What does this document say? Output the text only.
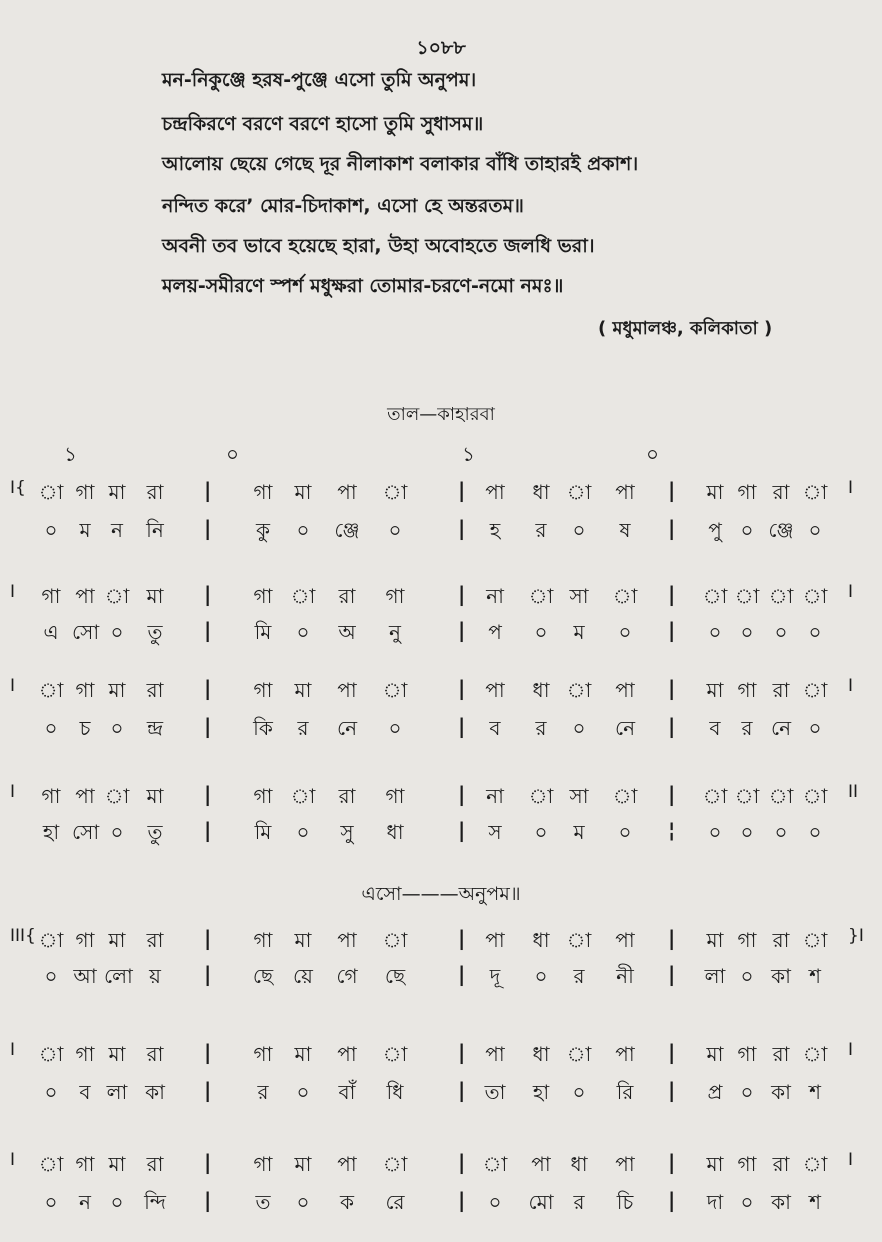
১০৮৮
মন-নিকুঞ্জে হরষ-পুঞ্জে এসো তুমি অনুপম।
চন্দ্রকিরণে বরণে বরণে হাসো তুমি সুধাসম॥
আলোয় ছেয়ে গেছে দূর নীলাকাশ বলাকার বাঁধি তাহারই প্রকাশ।
নন্দিত করে’ মোর-চিদাকাশ, এসো হে অন্তরতম॥
অবনী তব ভাবে হয়েছে হারা, উহা অবোহতে জলধি ভরা।
মলয়-সমীরণে স্পর্শ মধুক্ষরা তোমার-চরণে-নমো নমঃ॥
( মধুমালঞ্চ, কলিকাতা )
তাল—কাহারবা
১	০	১	০
এসো———অনুপম॥
I{ া গা মা রা | গা মা পা া	| পা ধা া পা | মা গা রা া I
০	ম	ন	নি |	কু	০	ঞ্জে	০	|	হ	র	০	ষ	|	পু ০ ঞ্জে ০
I গা পা া মা | গা া রা গা	| না া সা া | া া া া I
এ সো ০	তু | মি	০	অ	নু	|	প	০	ম	০	|	০ ০	০	০
I া গা মা রা | গা মা পা া	| পা ধা া পা | মা গা রা া I
০	চ	০	ন্দ্র | কি	র	নে	০	|	ব	র	০	নে |	ব	র নে ০
I গা পা া মা | গা া রা গা	| না া সা া | া া া া II
হা সো ০	তু | মি	০	সু	ধা	|	স	০	ম	০	¦	০ ০	০	০
III{ া গা মা রা | গা মা পা া	| পা ধা া পা | মা গা রা া }I
০ আ লো য়	| ছে য়ে গে ছে	|	দূ	০	র	নী | লা ০ কা শ
I া গা মা রা | গা মা পা া	| পা ধা া পা | মা গা রা া I
০	ব লা কা |	র	০	বাঁ ধি	| তা হা	০	রি | প্র ০ কা শ
I া গা মা রা | গা মা পা া	| া পা ধা পা | মা গা রা া I
০	ন ০	ন্দি | ত	০	ক	রে	|	০	মো র	চি | দা ০ কা শ
